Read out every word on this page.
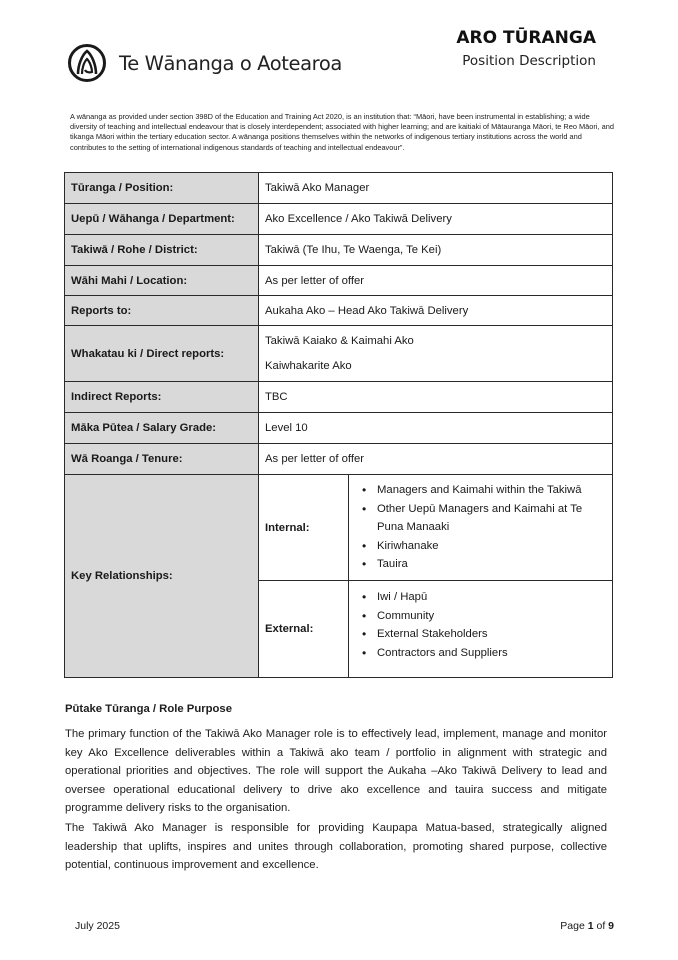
Te Wānanga o Aotearoa
ARO TŪRANGA
Position Description
A wānanga as provided under section 398D of the Education and Training Act 2020, is an institution that: “Māori, have been instrumental in establishing; a wide diversity of teaching and intellectual endeavour that is closely interdependent; associated with higher learning; and are kaitiaki of Mātauranga Māori, te Reo Māori, and tikanga Māori within the tertiary education sector. A wānanga positions themselves within the networks of indigenous tertiary institutions across the world and contributes to the setting of international indigenous standards of teaching and intellectual endeavour”.
Tūranga / Position:	Takiwā Ako Manager	
Uepū / Wāhanga / Department:	Ako Excellence / Ako Takiwā Delivery	
Takiwā / Rohe / District:	Takiwā (Te Ihu, Te Waenga, Te Kei)	
Wāhi Mahi / Location:	As per letter of offer	
Reports to:	Aukaha Ako – Head Ako Takiwā Delivery	
Whakatau ki / Direct reports:	Takiwā Kaiako & Kaimahi Ako

Kaiwhakarite Ako	

Indirect Reports:	TBC	
Māka Pūtea / Salary Grade:	Level 10	
Wā Roanga / Tenure:	As per letter of offer	
Key Relationships:	Internal:	
• Managers and Kaimahi within the Takiwā
• Other Uepū Managers and Kaimahi at Te Puna Manaaki
• Kiriwhanake
• Tauira

External:	
• Iwi / Hapū
• Community
• External Stakeholders
• Contractors and Suppliers
Pūtake Tūranga / Role Purpose
The primary function of the Takiwā Ako Manager role is to effectively lead, implement, manage and monitor key Ako Excellence deliverables within a Takiwā ako team / portfolio in alignment with strategic and operational priorities and objectives. The role will support the Aukaha –Ako Takiwā Delivery to lead and oversee operational educational delivery to drive ako excellence and tauira success and mitigate programme delivery risks to the organisation.
The Takiwā Ako Manager is responsible for providing Kaupapa Matua-based, strategically aligned leadership that uplifts, inspires and unites through collaboration, promoting shared purpose, collective potential, continuous improvement and excellence.
July 2025	Page 1 of 9
